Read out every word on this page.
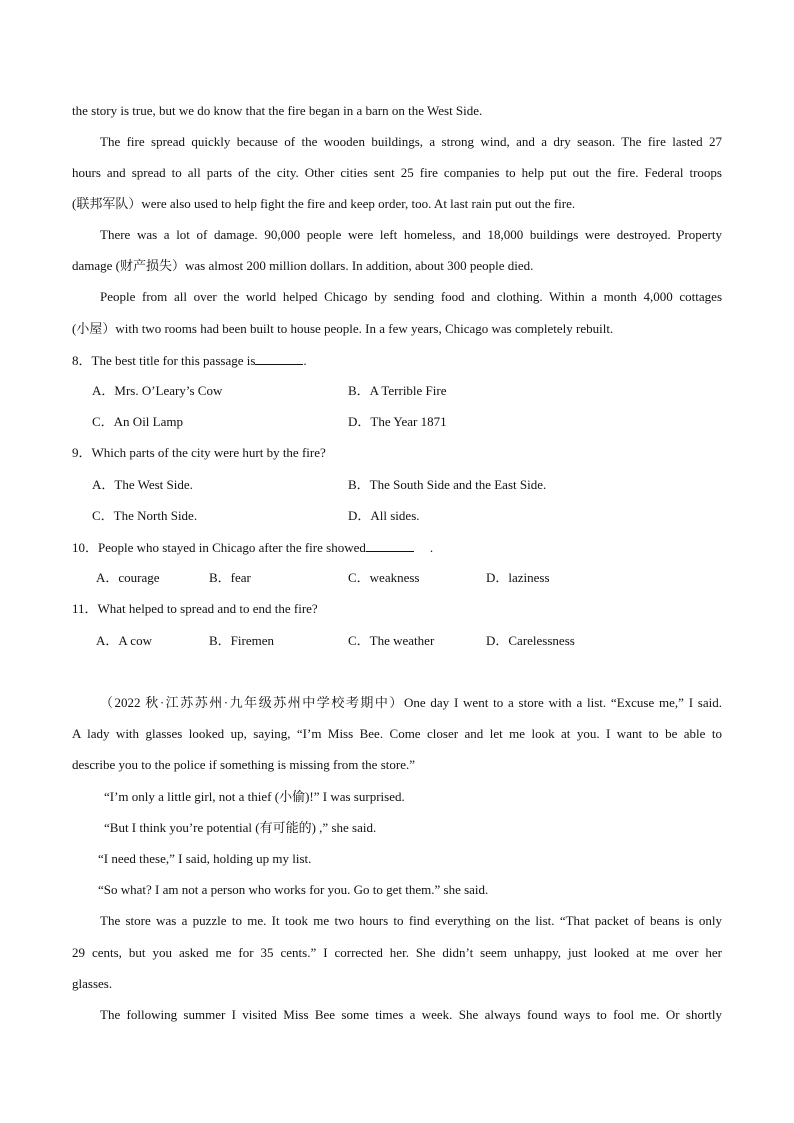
the story is true, but we do know that the fire began in a barn on the West Side.
The fire spread quickly because of the wooden buildings, a strong wind, and a dry season. The fire lasted 27
hours and spread to all parts of the city. Other cities sent 25 fire companies to help put out the fire. Federal troops
(联邦军队）were also used to help fight the fire and keep order, too. At last rain put out the fire.
There was a lot of damage. 90,000 people were left homeless, and 18,000 buildings were destroyed. Property
damage (财产损失）was almost 200 million dollars. In addition, about 300 people died.
People from all over the world helped Chicago by sending food and clothing. Within a month 4,000 cottages
(小屋）with two rooms had been built to house people. In a few years, Chicago was completely rebuilt.
8．The best title for this passage is	.
A．Mrs. O’Leary’s Cow	B．A Terrible Fire
C．An Oil Lamp	D．The Year 1871
9．Which parts of the city were hurt by the fire?
A．The West Side.	B．The South Side and the East Side.
C．The North Side.	D．All sides.
10．People who stayed in Chicago after the fire showed	.
A．courage	B．fear	C．weakness	D．laziness
11．What helped to spread and to end the fire?
A．A cow	B．Firemen	C．The weather	D．Carelessness
（2022 秋·江苏苏州·九年级苏州中学校考期中）One day I went to a store with a list. “Excuse me,” I said.
A lady with glasses looked up, saying, “I’m Miss Bee. Come closer and let me look at you. I want to be able to
describe you to the police if something is missing from the store.”
“I’m only a little girl, not a thief (小偷)!” I was surprised.
“But I think you’re potential (有可能的) ,” she said.
“I need these,” I said, holding up my list.
“So what? I am not a person who works for you. Go to get them.” she said.
The store was a puzzle to me. It took me two hours to find everything on the list. “That packet of beans is only
29 cents, but you asked me for 35 cents.” I corrected her. She didn’t seem unhappy, just looked at me over her
glasses.
The following summer I visited Miss Bee some times a week. She always found ways to fool me. Or shortly
